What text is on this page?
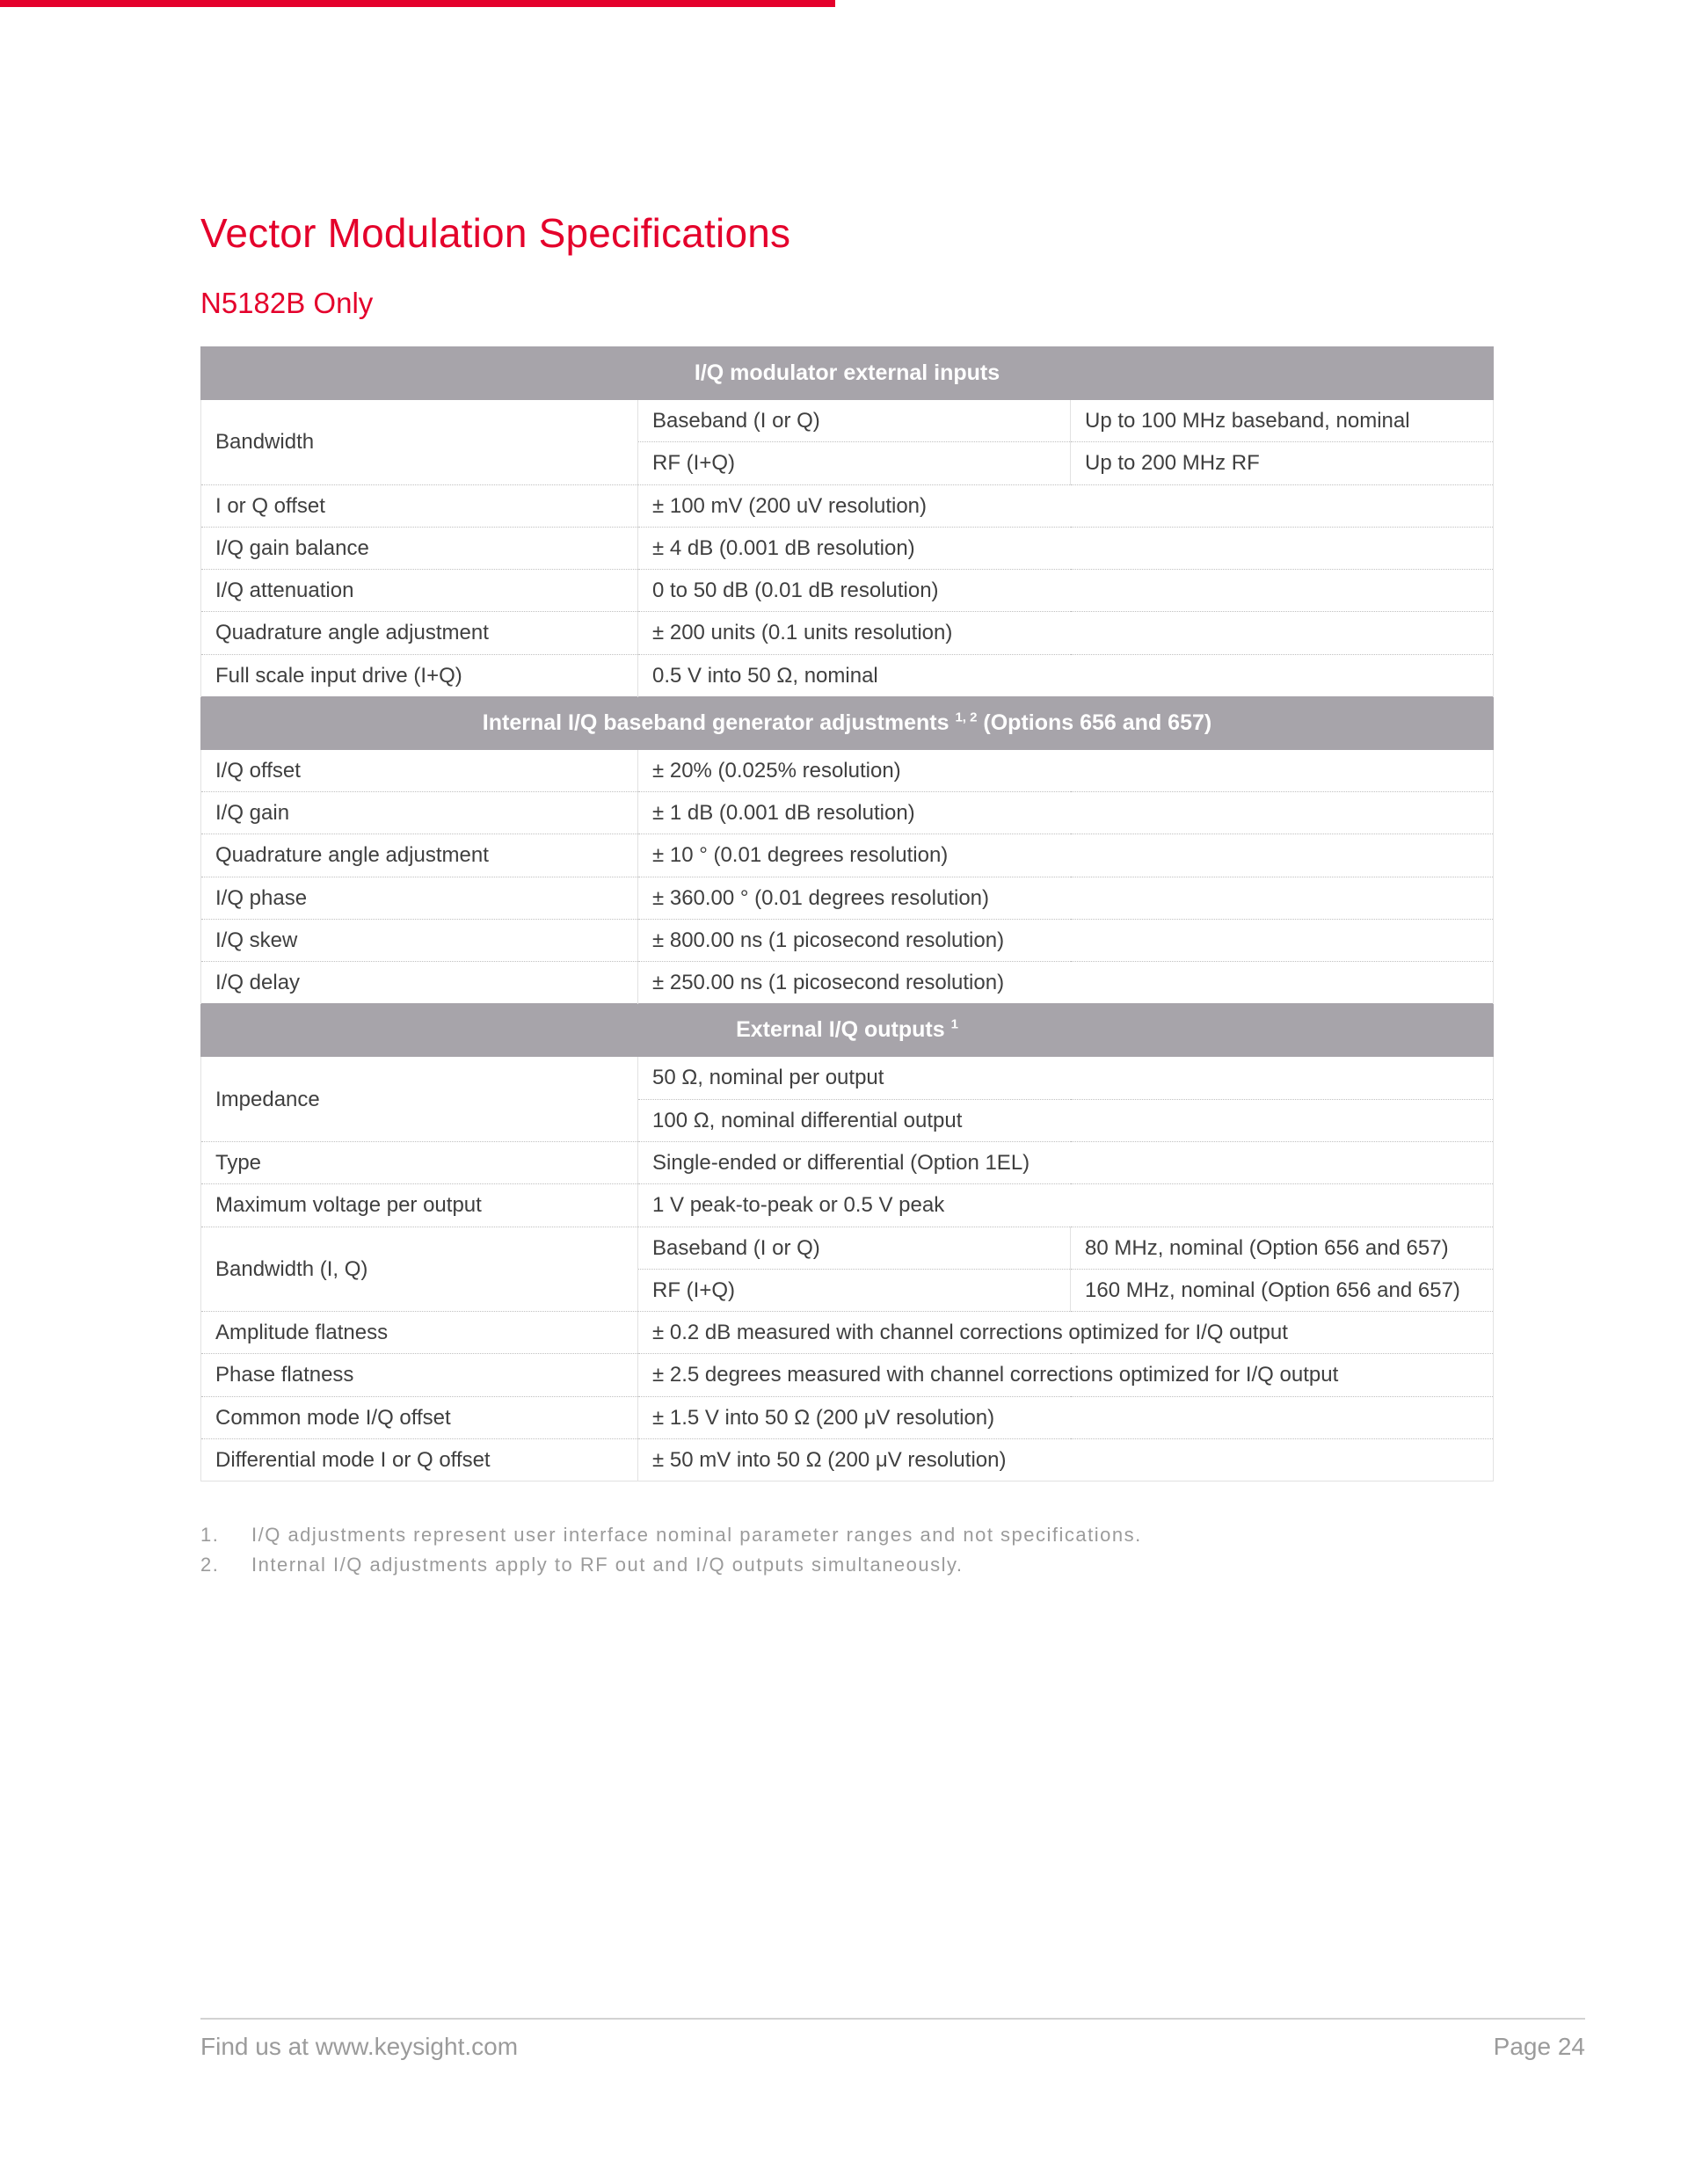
Vector Modulation Specifications
N5182B Only
I/Q modulator external inputs		
Bandwidth	Baseband (I or Q)	Up to 100 MHz baseband, nominal
	RF (I+Q)	Up to 200 MHz RF
I or Q offset	± 100 mV (200 uV resolution)	
I/Q gain balance	± 4 dB (0.001 dB resolution)	
I/Q attenuation	0 to 50 dB (0.01 dB resolution)	
Quadrature angle adjustment	± 200 units (0.1 units resolution)	
Full scale input drive (I+Q)	0.5 V into 50 Ω, nominal	
Internal I/Q baseband generator adjustments $^{1, 2}$ (Options 656 and 657)		
I/Q offset	± 20% (0.025% resolution)	
I/Q gain	± 1 dB (0.001 dB resolution)	
Quadrature angle adjustment	± 10 ° (0.01 degrees resolution)	
I/Q phase	± 360.00 ° (0.01 degrees resolution)	
I/Q skew	± 800.00 ns (1 picosecond resolution)	
I/Q delay	± 250.00 ns (1 picosecond resolution)	
External I/Q outputs $^1$
Impedance	50 Ω, nominal per output	
	100 Ω, nominal differential output	
Type	Single-ended or differential (Option 1EL)	
Maximum voltage per output	1 V peak-to-peak or 0.5 V peak	
Bandwidth (I, Q)	Baseband (I or Q)	80 MHz, nominal (Option 656 and 657)
	RF (I+Q)	160 MHz, nominal (Option 656 and 657)
Amplitude flatness	± 0.2 dB measured with channel corrections optimized for I/Q output	
Phase flatness	± 2.5 degrees measured with channel corrections optimized for I/Q output	
Common mode I/Q offset	± 1.5 V into 50 Ω (200 μV resolution)	
Differential mode I or Q offset	± 50 mV into 50 Ω (200 μV resolution)	
1.	I/Q adjustments represent user interface nominal parameter ranges and not specifications.
2.	Internal I/Q adjustments apply to RF out and I/Q outputs simultaneously.
Find us at www.keysight.com	Page 24
